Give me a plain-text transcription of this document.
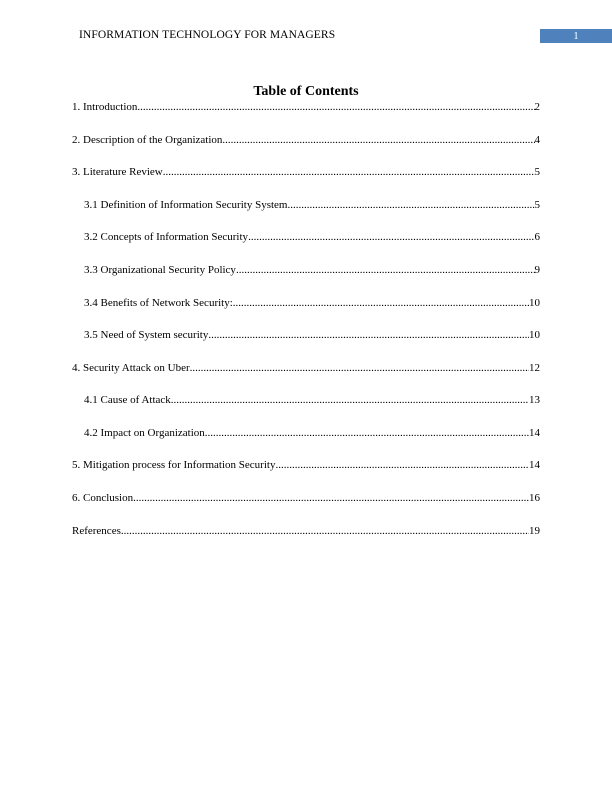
INFORMATION TECHNOLOGY FOR MANAGERS	1
Table of Contents
1. Introduction .....	2
2. Description of the Organization .....	4
3. Literature Review .....	5
3.1 Definition of Information Security System .....	5
3.2 Concepts of Information Security .....	6
3.3 Organizational Security Policy .....	9
3.4 Benefits of Network Security: .....	10
3.5 Need of System security .....	10
4. Security Attack on Uber .....	12
4.1 Cause of Attack .....	13
4.2 Impact on Organization .....	14
5. Mitigation process for Information Security .....	14
6. Conclusion .....	16
References .....	19
